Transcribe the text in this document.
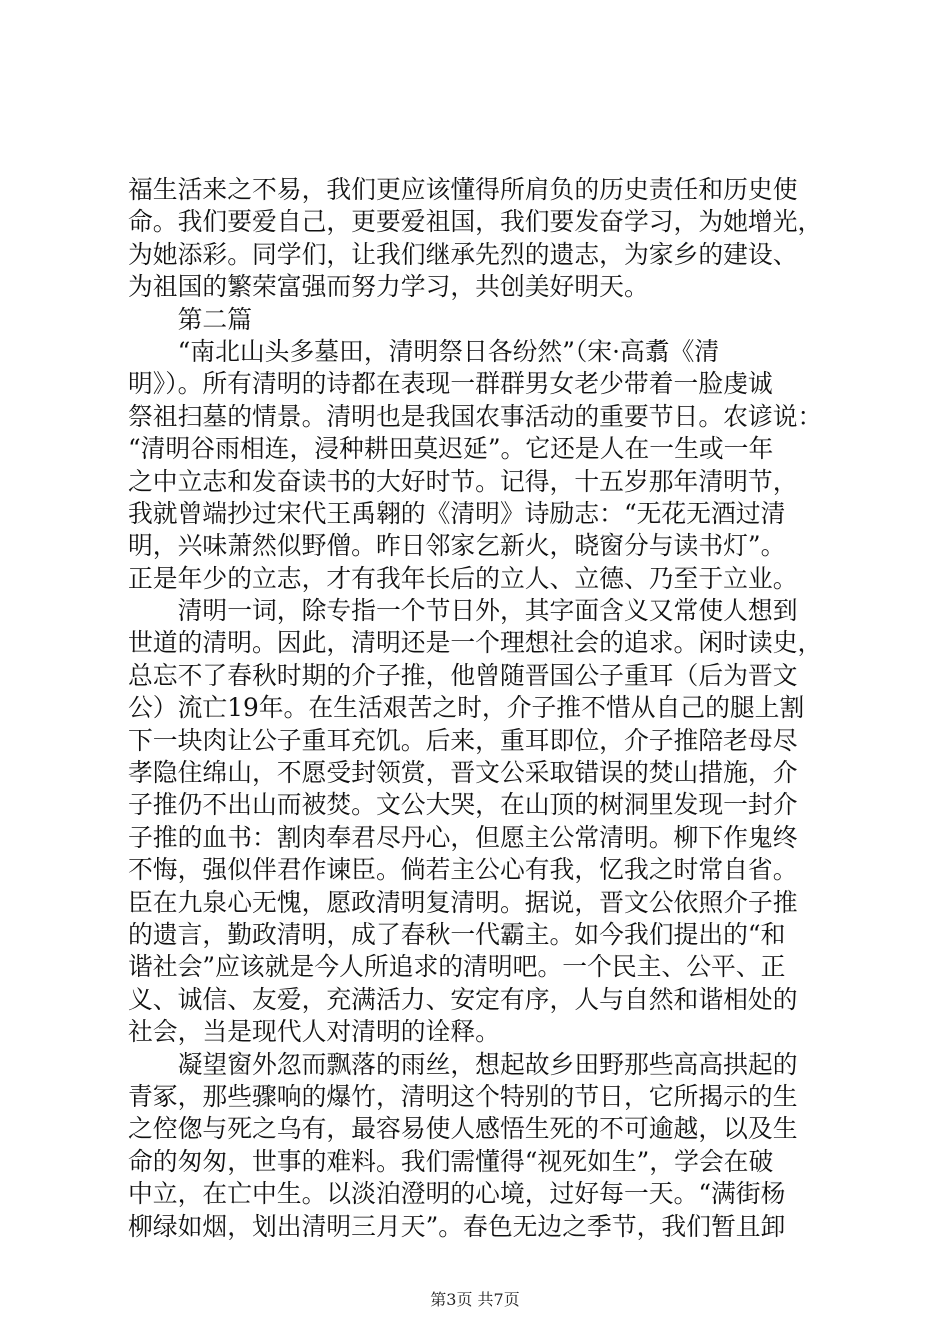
福生活来之不易，我们更应该懂得所肩负的历史责任和历史使
命。我们要爱自己，更要爱祖国，我们要发奋学习，为她增光，
为她添彩。同学们，让我们继承先烈的遗志，为家乡的建设、
为祖国的繁荣富强而努力学习，共创美好明天。
　　第二篇
　　“南北山头多墓田，清明祭日各纷然”（宋·高翥《清
明》）。所有清明的诗都在表现一群群男女老少带着一脸虔诚
祭祖扫墓的情景。清明也是我国农事活动的重要节日。农谚说：
“清明谷雨相连，浸种耕田莫迟延”。它还是人在一生或一年
之中立志和发奋读书的大好时节。记得，十五岁那年清明节，
我就曾端抄过宋代王禹翱的《清明》诗励志：“无花无酒过清
明，兴味萧然似野僧。昨日邻家乞新火，晓窗分与读书灯”。
正是年少的立志，才有我年长后的立人、立德、乃至于立业。
　　清明一词，除专指一个节日外，其字面含义又常使人想到
世道的清明。因此，清明还是一个理想社会的追求。闲时读史，
总忘不了春秋时期的介子推，他曾随晋国公子重耳（后为晋文
公）流亡19年。在生活艰苦之时，介子推不惜从自己的腿上割
下一块肉让公子重耳充饥。后来，重耳即位，介子推陪老母尽
孝隐住绵山，不愿受封领赏，晋文公采取错误的焚山措施，介
子推仍不出山而被焚。文公大哭，在山顶的树洞里发现一封介
子推的血书：割肉奉君尽丹心，但愿主公常清明。柳下作鬼终
不悔，强似伴君作谏臣。倘若主公心有我，忆我之时常自省。
臣在九泉心无愧，愿政清明复清明。据说，晋文公依照介子推
的遗言，勤政清明，成了春秋一代霸主。如今我们提出的“和
谐社会”应该就是今人所追求的清明吧。一个民主、公平、正
义、诚信、友爱，充满活力、安定有序，人与自然和谐相处的
社会，当是现代人对清明的诠释。
　　凝望窗外忽而飘落的雨丝，想起故乡田野那些高高拱起的
青冢，那些骤响的爆竹，清明这个特别的节日，它所揭示的生
之倥偬与死之乌有，最容易使人感悟生死的不可逾越，以及生
命的匆匆，世事的难料。我们需懂得“视死如生”，学会在破
中立，在亡中生。以淡泊澄明的心境，过好每一天。“满街杨
柳绿如烟，划出清明三月天”。春色无边之季节，我们暂且卸
第3页 共7页
